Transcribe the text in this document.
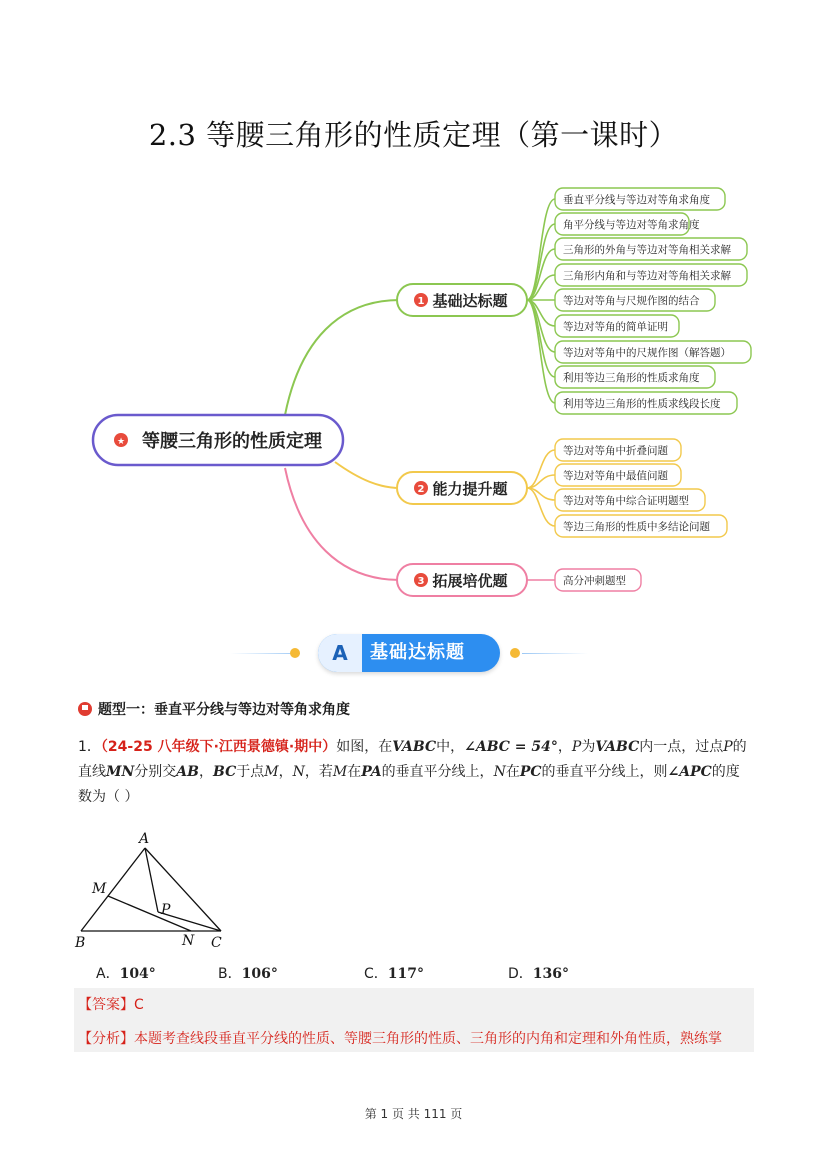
2.3 等腰三角形的性质定理（第一课时）
★ 等腰三角形的性质定理
1 基础达标题
2 能力提升题
3 拓展培优题
垂直平分线与等边对等角求角度
角平分线与等边对等角求角度
三角形的外角与等边对等角相关求解
三角形内角和与等边对等角相关求解
等边对等角与尺规作图的结合
等边对等角的简单证明
等边对等角中的尺规作图（解答题）
利用等边三角形的性质求角度
利用等边三角形的性质求线段长度
等边对等角中折叠问题
等边对等角中最值问题
等边对等角中综合证明题型
等边三角形的性质中多结论问题
高分冲刺题型
A	基础达标题
题型一：垂直平分线与等边对等角求角度
1．（24-25 八年级下·江西景德镇·期中）如图，在VABC中，∠ABC = 54°，P为VABC内一点，过点P的直线MN分别交AB，BC于点M，N，若M在PA的垂直平分线上，N在PC的垂直平分线上，则∠APC的度数为（ ）
A
M
P
B	N C
A．104°	B．106°	C．117°	D．136°
【答案】C
【分析】本题考查线段垂直平分线的性质、等腰三角形的性质、三角形的内角和定理和外角性质，熟练掌
第 1 页 共 111 页
